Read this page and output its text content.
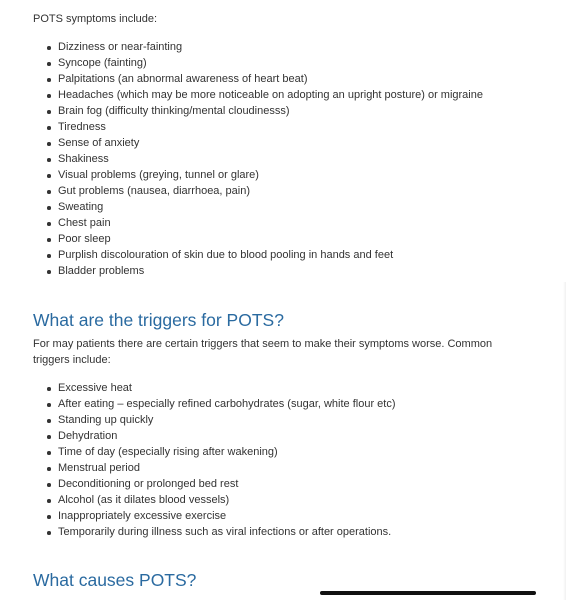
POTS symptoms include:

Dizziness or near-fainting
Syncope (fainting)
Palpitations (an abnormal awareness of heart beat)
Headaches (which may be more noticeable on adopting an upright posture) or migraine
Brain fog (difficulty thinking/mental cloudinesss)
Tiredness
Sense of anxiety
Shakiness
Visual problems (greying, tunnel or glare)
Gut problems (nausea, diarrhoea, pain)
Sweating
Chest pain
Poor sleep
Purplish discolouration of skin due to blood pooling in hands and feet
Bladder problems
What are the triggers for POTS?

For may patients there are certain triggers that seem to make their symptoms worse. Common triggers include:

Excessive heat
After eating – especially refined carbohydrates (sugar, white flour etc)
Standing up quickly
Dehydration
Time of day (especially rising after wakening)
Menstrual period
Deconditioning or prolonged bed rest
Alcohol (as it dilates blood vessels)
Inappropriately excessive exercise
Temporarily during illness such as viral infections or after operations.
What causes POTS?
